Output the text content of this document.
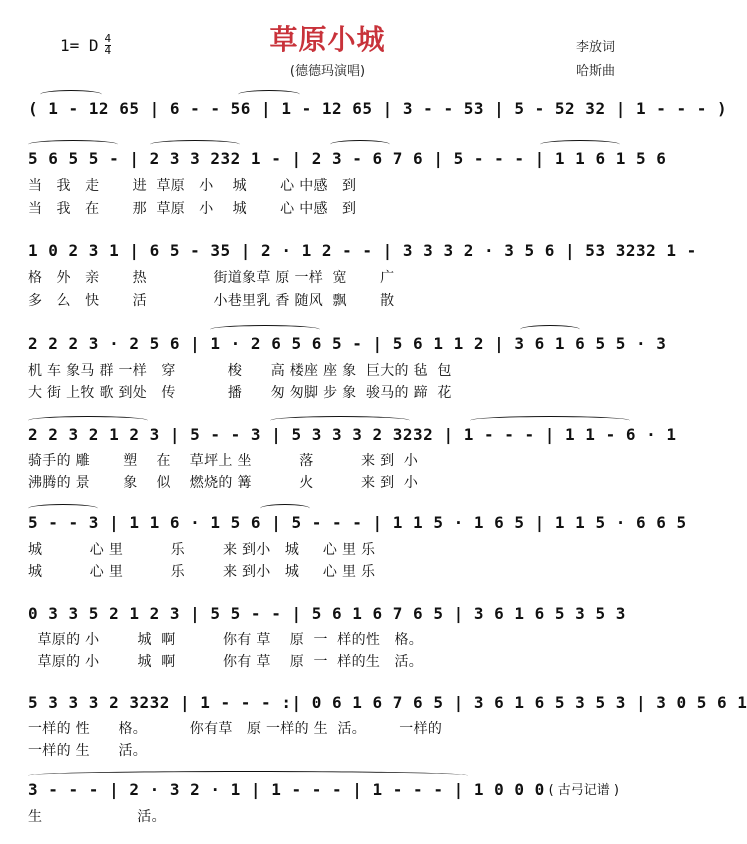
1= D 4
4	草原小城
(德德玛演唱)
李放词
哈斯曲
( 1 - 12 65 | 6 - - 56 | 1 - 12 65 | 3 - - 53 | 5 - 52 32 | 1 - - - )
5 6 5 5 - | 2 3 3 232 1 - | 2 3 - 6 7 6 | 5 - - - | 1 1 6 1 5 6
当   我   走       进  草原   小    城       心 中感   到
当   我   在       那  草原   小    城       心 中感   到
1 0 2 3 1 | 6 5 - 35 | 2 · 1 2 - - | 3 3 3 2 · 3 5 6 | 53 3232 1 -
格   外   亲       热              街道象草 原 一样  宽       广
多   么   快       活              小巷里乳 香 随风  飘       散
2 2 2 3 · 2 5 6 | 1 · 2 6 5 6 5 - | 5 6 1 1 2 | 3 6 1 6 5 5 · 3
机 车 象马 群 一样   穿           梭      高 楼座 座 象  巨大的 毡  包
大 街 上牧 歌 到处   传           播      匆 匆脚 步 象  骏马的 蹄  花
2 2 3 2 1 2 3 | 5 - - 3 | 5 3 3 3 2 3232 | 1 - - - | 1 1 - 6 · 1
骑手的 雕       塑    在    草坪上 坐          落          来 到  小
沸腾的 景       象    似    燃烧的 篝          火          来 到  小
5 - - 3 | 1 1 6 · 1 5 6 | 5 - - - | 1 1 5 · 1 6 5 | 1 1 5 · 6 6 5
城          心 里          乐        来 到小   城     心 里 乐
城          心 里          乐        来 到小   城     心 里 乐
0 3 3 5 2 1 2 3 | 5 5 - - | 5 6 1 6 7 6 5 | 3 6 1 6 5 3 5 3
草原的 小        城  啊          你有 草    原  一  样的性   格。
草原的 小        城  啊          你有 草    原  一  样的生   活。
5 3 3 3 2 3232 | 1 - - - :| 0 6 1 6 7 6 5 | 3 6 1 6 5 3 5 3 | 3 0 5 6 1
一样的 性      格。         你有草   原 一样的 生  活。       一样的
一样的 生      活。
3 - - - | 2 · 3 2 · 1 | 1 - - - | 1 - - - | 1 0 0 0
生                    活。
( 古弓记谱 )
